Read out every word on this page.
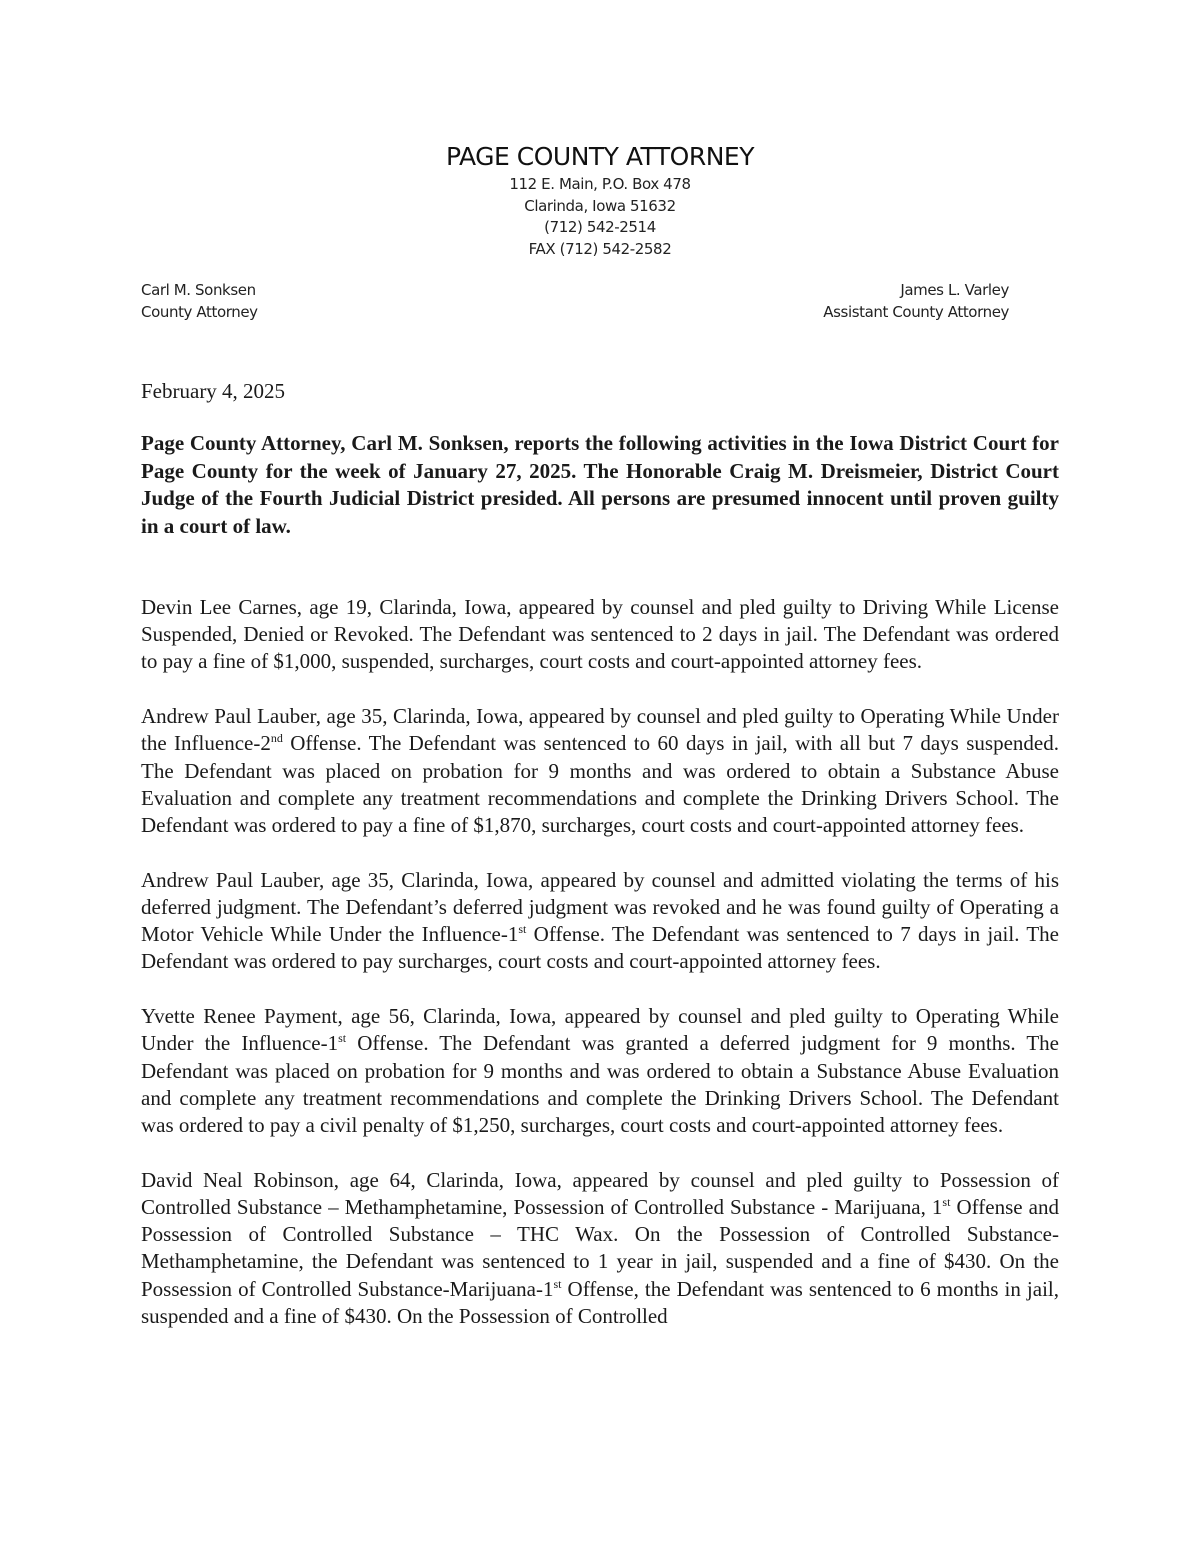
PAGE COUNTY ATTORNEY
112 E. Main, P.O. Box 478
Clarinda, Iowa 51632
(712) 542-2514
FAX (712) 542-2582
Carl M. Sonksen
County Attorney
James L. Varley
Assistant County Attorney
February 4, 2025
Page County Attorney, Carl M. Sonksen, reports the following activities in the Iowa District Court for Page County for the week of January 27, 2025. The Honorable Craig M. Dreismeier, District Court Judge of the Fourth Judicial District presided. All persons are presumed innocent until proven guilty in a court of law.

Devin Lee Carnes, age 19, Clarinda, Iowa, appeared by counsel and pled guilty to Driving While License Suspended, Denied or Revoked. The Defendant was sentenced to 2 days in jail. The Defendant was ordered to pay a fine of $1,000, suspended, surcharges, court costs and court-appointed attorney fees.

Andrew Paul Lauber, age 35, Clarinda, Iowa, appeared by counsel and pled guilty to Operating While Under the Influence-2nd Offense. The Defendant was sentenced to 60 days in jail, with all but 7 days suspended. The Defendant was placed on probation for 9 months and was ordered to obtain a Substance Abuse Evaluation and complete any treatment recommendations and complete the Drinking Drivers School. The Defendant was ordered to pay a fine of $1,870, surcharges, court costs and court-appointed attorney fees.

Andrew Paul Lauber, age 35, Clarinda, Iowa, appeared by counsel and admitted violating the terms of his deferred judgment. The Defendant’s deferred judgment was revoked and he was found guilty of Operating a Motor Vehicle While Under the Influence-1st Offense. The Defendant was sentenced to 7 days in jail. The Defendant was ordered to pay surcharges, court costs and court-appointed attorney fees.

Yvette Renee Payment, age 56, Clarinda, Iowa, appeared by counsel and pled guilty to Operating While Under the Influence-1st Offense. The Defendant was granted a deferred judgment for 9 months. The Defendant was placed on probation for 9 months and was ordered to obtain a Substance Abuse Evaluation and complete any treatment recommendations and complete the Drinking Drivers School. The Defendant was ordered to pay a civil penalty of $1,250, surcharges, court costs and court-appointed attorney fees.

David Neal Robinson, age 64, Clarinda, Iowa, appeared by counsel and pled guilty to Possession of Controlled Substance – Methamphetamine, Possession of Controlled Substance - Marijuana, 1st Offense and Possession of Controlled Substance – THC Wax. On the Possession of Controlled Substance-Methamphetamine, the Defendant was sentenced to 1 year in jail, suspended and a fine of $430. On the Possession of Controlled Substance-Marijuana-1st Offense, the Defendant was sentenced to 6 months in jail, suspended and a fine of $430. On the Possession of Controlled
